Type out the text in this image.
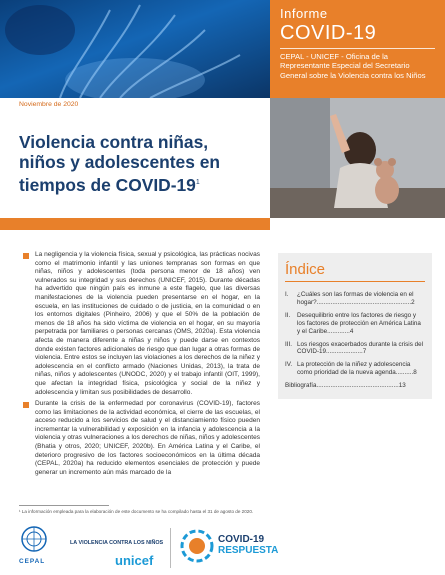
Informe
COVID-19
CEPAL - UNICEF - Oficina de la Representante Especial del Secretario General sobre la Violencia contra los Niños
Noviembre de 2020
Violencia contra niñas, niños y adolescentes en tiempos de COVID-$19^1$
La negligencia y la violencia física, sexual y psicológica, las prácticas nocivas como el matrimonio infantil y las uniones tempranas son formas en que niñas, niños y adolescentes (toda persona menor de 18 años) ven vulnerados su integridad y sus derechos (UNICEF, 2015). Durante décadas ha advertido que ningún país es inmune a este flagelo, que las diversas manifestaciones de la violencia pueden presentarse en el hogar, en la escuela, en las instituciones de cuidado o de justicia, en la comunidad o en los entornos digitales (Pinheiro, 2006) y que el 50% de la población de menos de 18 años ha sido víctima de violencia en el hogar, en su mayoría perpetrada por familiares o personas cercanas (OMS, 2020a). Esta violencia afecta de manera diferente a niñas y niños y puede darse en contextos donde existen factores adicionales de riesgo que dan lugar a otras formas de violencia. Entre estos se incluyen las violaciones a los derechos de la niñez y adolescencia en el conflicto armado (Naciones Unidas, 2013), la trata de niñas, niños y adolescentes (UNODC, 2020) y el trabajo infantil (OIT, 1999), que afectan la integridad física, psicológica y social de la niñez y adolescencia y limitan sus posibilidades de desarrollo.
Durante la crisis de la enfermedad por coronavirus (COVID-19), factores como las limitaciones de la actividad económica, el cierre de las escuelas, el acceso reducido a los servicios de salud y el distanciamiento físico pueden incrementar la vulnerabilidad y exposición en la infancia y adolescencia a la violencia y otras vulneraciones a los derechos de niñas, niños y adolescentes (Bhatia y otros, 2020; UNICEF, 2020b). En América Latina y el Caribe, el deterioro progresivo de los factores socioeconómicos en la última década (CEPAL, 2020a) ha reducido elementos esenciales de protección y puede generar un incremento aún más marcado de la
¹ La información empleada para la elaboración de este documento se ha compilado hasta el 31 de agosto de 2020.
Índice
I.	¿Cuáles son las formas de violencia en el hogar?......................................................2
II.	Desequilibrio entre los factores de riesgo y los factores de protección en América Latina y el Caribe.............4
III. Los riesgos exacerbados durante la crisis del COVID-19.....................7
IV. La protección de la niñez y adolescencia como prioridad de la nueva agenda..........8
Bibliografía...............................................13
CEPAL
LA VIOLENCIA CONTRA LOS NIÑOS
unicef
COVID-19
RESPUESTA
